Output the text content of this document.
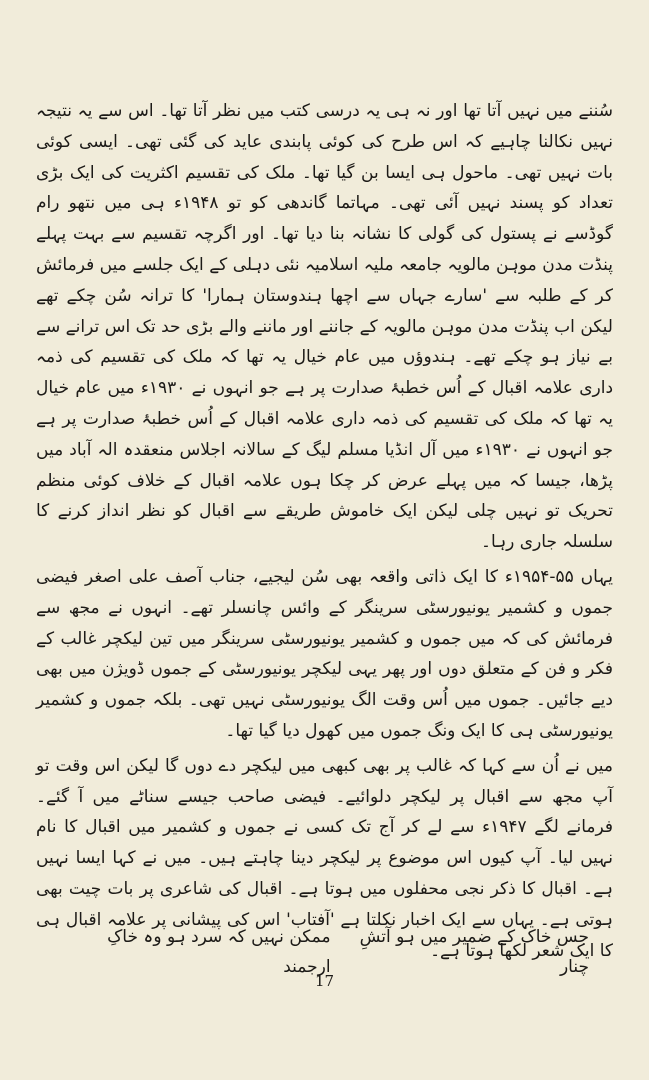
سُننے میں نہیں آتا تھا اور نہ ہی یہ درسی کتب میں نظر آتا تھا۔ اس سے یہ نتیجہ نہیں نکالنا چاہیے کہ اس طرح کی کوئی پابندی عاید کی گئی تھی۔ ایسی کوئی بات نہیں تھی۔ ماحول ہی ایسا بن گیا تھا۔ ملک کی تقسیم اکثریت کی ایک بڑی تعداد کو پسند نہیں آئی تھی۔ مہاتما گاندھی کو تو ۱۹۴۸ء ہی میں نتھو رام گوڈسے نے پستول کی گولی کا نشانہ بنا دیا تھا۔ اور اگرچہ تقسیم سے بہت پہلے پنڈت مدن موہن مالویہ جامعہ ملیہ اسلامیہ نئی دہلی کے ایک جلسے میں فرمائش کر کے طلبہ سے 'سارے جہاں سے اچھا ہندوستان ہمارا' کا ترانہ سُن چکے تھے لیکن اب پنڈت مدن موہن مالویہ کے جاننے اور ماننے والے بڑی حد تک اس ترانے سے بے نیاز ہو چکے تھے۔ ہندوؤں میں عام خیال یہ تھا کہ ملک کی تقسیم کی ذمہ داری علامہ اقبال کے اُس خطبۂ صدارت پر ہے جو انہوں نے ۱۹۳۰ء میں عام خیال یہ تھا کہ ملک کی تقسیم کی ذمہ داری علامہ اقبال کے اُس خطبۂ صدارت پر ہے جو انہوں نے ۱۹۳۰ء میں آل انڈیا مسلم لیگ کے سالانہ اجلاس منعقدہ الہ آباد میں پڑھا، جیسا کہ میں پہلے عرض کر چکا ہوں علامہ اقبال کے خلاف کوئی منظم تحریک تو نہیں چلی لیکن ایک خاموش طریقے سے اقبال کو نظر انداز کرنے کا سلسلہ جاری رہا۔

یہاں ۵۵-۱۹۵۴ء کا ایک ذاتی واقعہ بھی سُن لیجیے، جناب آصف علی اصغر فیضی جموں و کشمیر یونیورسٹی سرینگر کے وائس چانسلر تھے۔ انہوں نے مجھ سے فرمائش کی کہ میں جموں و کشمیر یونیورسٹی سرینگر میں تین لیکچر غالب کے فکر و فن کے متعلق دوں اور پھر یہی لیکچر یونیورسٹی کے جموں ڈویژن میں بھی دیے جائیں۔ جموں میں اُس وقت الگ یونیورسٹی نہیں تھی۔ بلکہ جموں و کشمیر یونیورسٹی ہی کا ایک ونگ جموں میں کھول دیا گیا تھا۔

میں نے اُن سے کہا کہ غالب پر بھی کبھی میں لیکچر دے دوں گا لیکن اس وقت تو آپ مجھ سے اقبال پر لیکچر دلوائیے۔ فیضی صاحب جیسے سناٹے میں آ گئے۔ فرمانے لگے ۱۹۴۷ء سے لے کر آج تک کسی نے جموں و کشمیر میں اقبال کا نام نہیں لیا۔ آپ کیوں اس موضوع پر لیکچر دینا چاہتے ہیں۔ میں نے کہا ایسا نہیں ہے۔ اقبال کا ذکر نجی محفلوں میں ہوتا ہے۔ اقبال کی شاعری پر بات چیت بھی ہوتی ہے۔ یہاں سے ایک اخبار نکلتا ہے 'آفتاب' اس کی پیشانی پر علامہ اقبال ہی کا ایک شعر لکھا ہوتا ہے۔

جس خاک کے ضمیر میں ہو آتشِ چنار
ممکن نہیں کہ سرد ہو وہ خاکِ ارجمند
17
